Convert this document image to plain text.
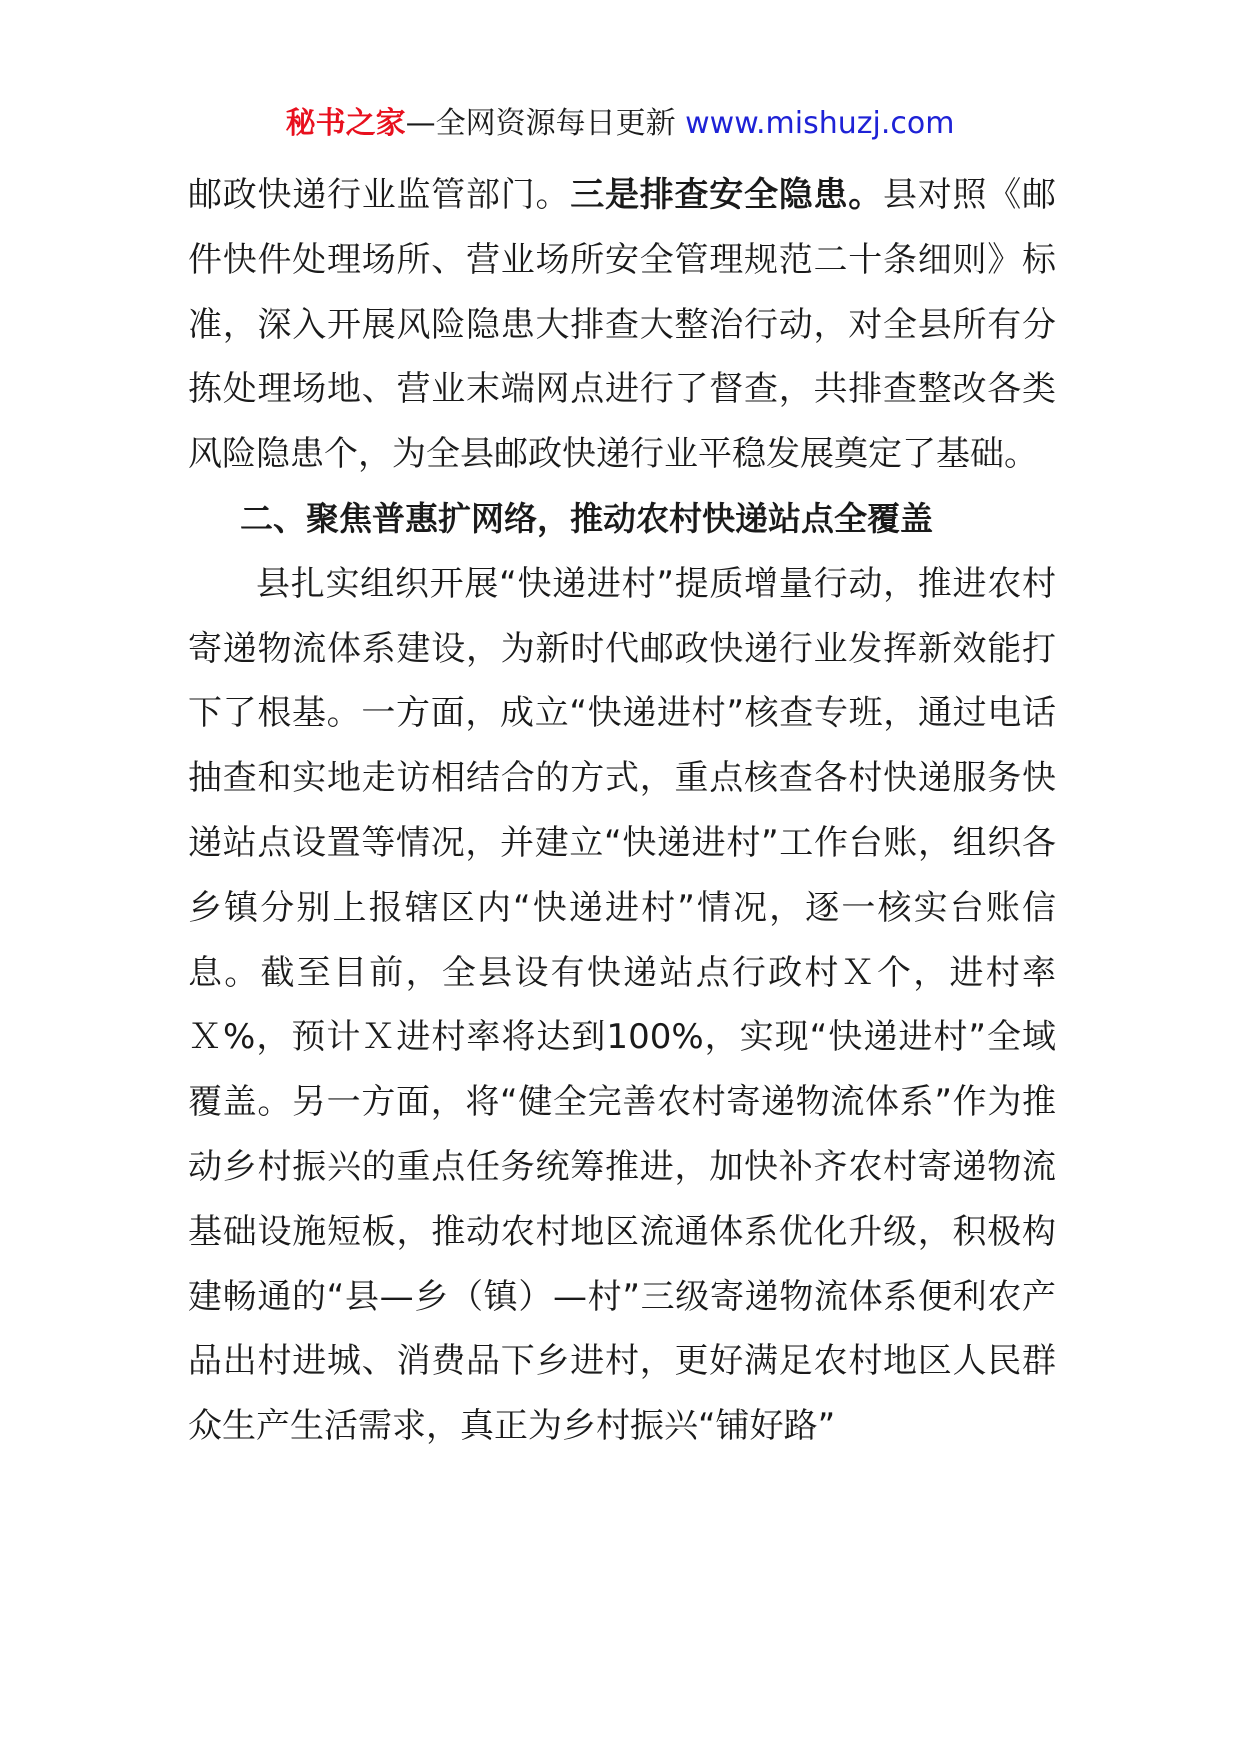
秘书之家—全网资源每日更新 www.mishuzj.com

邮政快递行业监管部门。三是排查安全隐患。县对照《邮件快件处理场所、营业场所安全管理规范二十条细则》标准，深入开展风险隐患大排查大整治行动，对全县所有分拣处理场地、营业末端网点进行了督查，共排查整改各类风险隐患个，为全县邮政快递行业平稳发展奠定了基础。

二、聚焦普惠扩网络，推动农村快递站点全覆盖

县扎实组织开展“快递进村”提质增量行动，推进农村寄递物流体系建设，为新时代邮政快递行业发挥新效能打下了根基。一方面，成立“快递进村”核查专班，通过电话抽查和实地走访相结合的方式，重点核查各村快递服务快递站点设置等情况，并建立“快递进村”工作台账，组织各乡镇分别上报辖区内“快递进村”情况，逐一核实台账信息。截至目前，全县设有快递站点行政村Ｘ个，进村率Ｘ%，预计Ｘ进村率将达到100%，实现“快递进村”全域覆盖。另一方面，将“健全完善农村寄递物流体系”作为推动乡村振兴的重点任务统筹推进，加快补齐农村寄递物流基础设施短板，推动农村地区流通体系优化升级，积极构建畅通的“县—乡（镇）—村”三级寄递物流体系便利农产品出村进城、消费品下乡进村，更好满足农村地区人民群众生产生活需求，真正为乡村振兴“铺好路”
